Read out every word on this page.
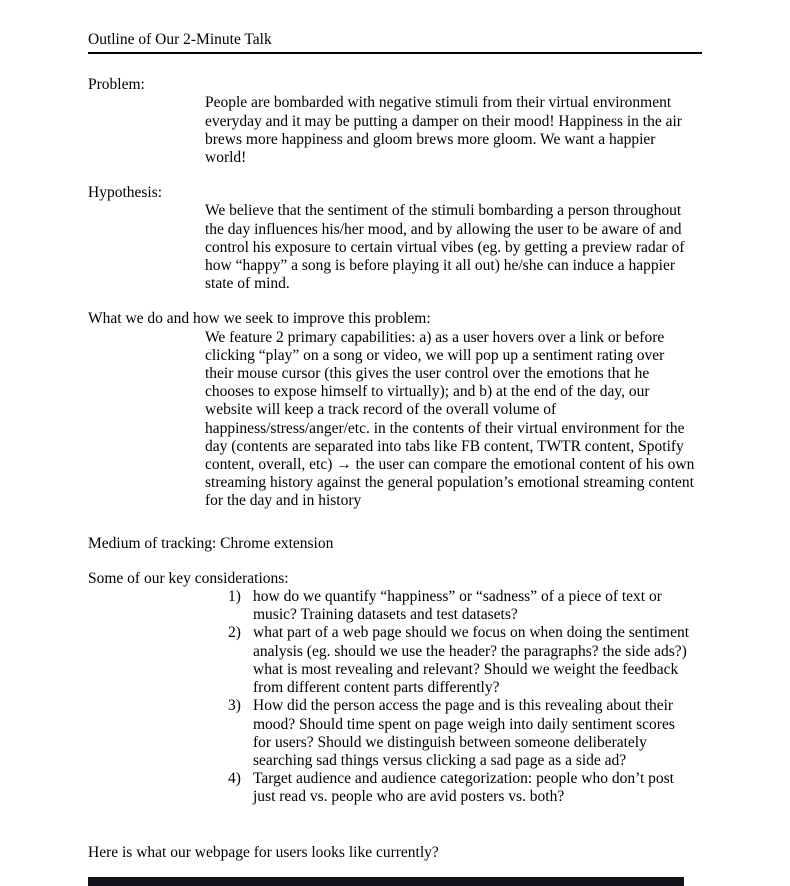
Outline of Our 2-Minute Talk
Problem:
People are bombarded with negative stimuli from their virtual environment everyday and it may be putting a damper on their mood! Happiness in the air brews more happiness and gloom brews more gloom. We want a happier world!
Hypothesis:
We believe that the sentiment of the stimuli bombarding a person throughout the day influences his/her mood, and by allowing the user to be aware of and control his exposure to certain virtual vibes (eg. by getting a preview radar of how “happy” a song is before playing it all out) he/she can induce a happier state of mind.
What we do and how we seek to improve this problem:
We feature 2 primary capabilities: a) as a user hovers over a link or before clicking “play” on a song or video, we will pop up a sentiment rating over their mouse cursor (this gives the user control over the emotions that he chooses to expose himself to virtually); and b) at the end of the day, our website will keep a track record of the overall volume of happiness/stress/anger/etc. in the contents of their virtual environment for the day (contents are separated into tabs like FB content, TWTR content, Spotify content, overall, etc) → the user can compare the emotional content of his own streaming history against the general population’s emotional streaming content for the day and in history
Medium of tracking: Chrome extension
Some of our key considerations:
1) how do we quantify “happiness” or “sadness” of a piece of text or music? Training datasets and test datasets?
2) what part of a web page should we focus on when doing the sentiment analysis (eg. should we use the header? the paragraphs? the side ads?) what is most revealing and relevant? Should we weight the feedback from different content parts differently?
3) How did the person access the page and is this revealing about their mood? Should time spent on page weigh into daily sentiment scores for users? Should we distinguish between someone deliberately searching sad things versus clicking a sad page as a side ad?
4) Target audience and audience categorization: people who don’t post just read vs. people who are avid posters vs. both?
Here is what our webpage for users looks like currently?
